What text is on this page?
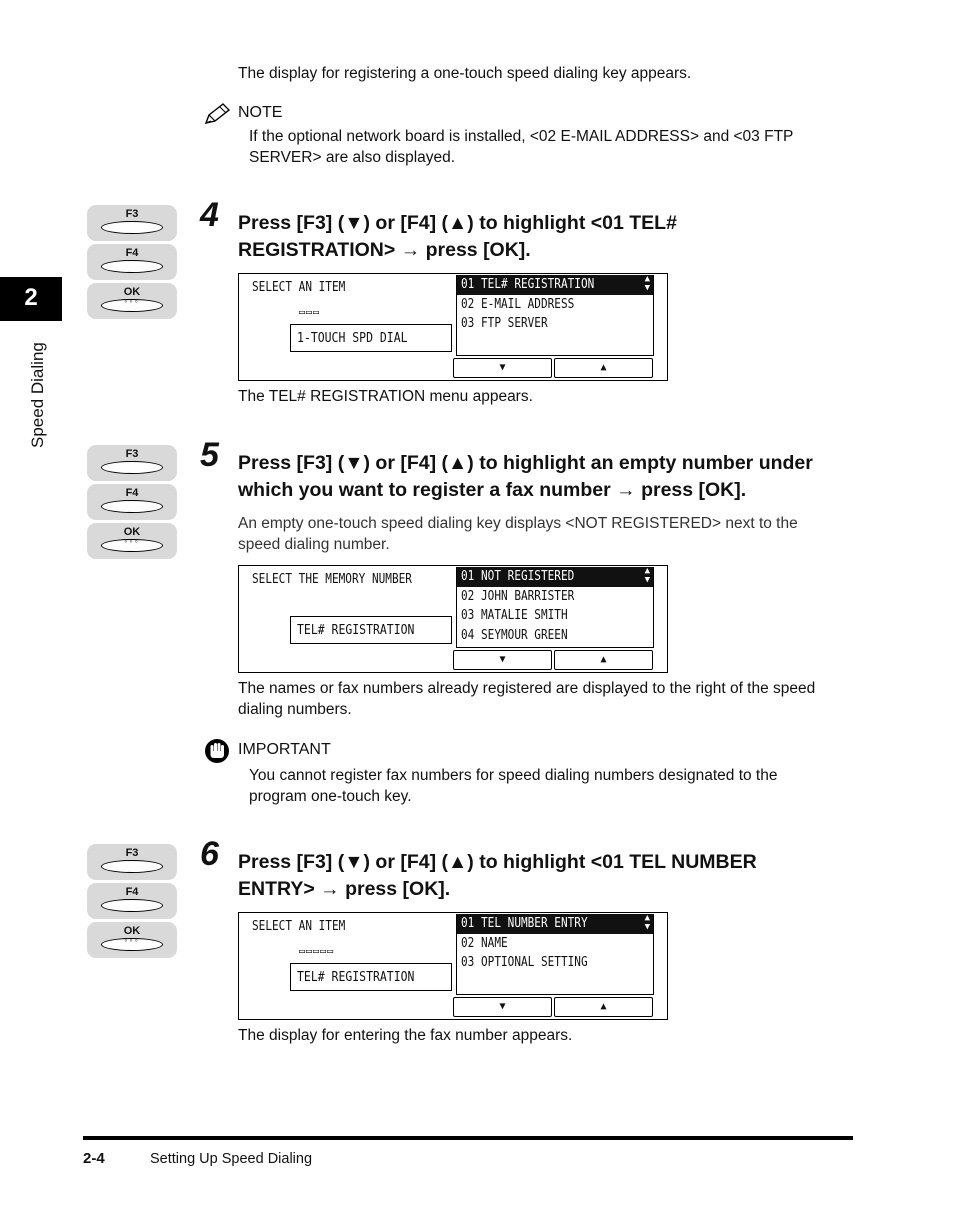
The display for registering a one-touch speed dialing key appears.
NOTE
If the optional network board is installed, <02 E-MAIL ADDRESS> and <03 FTP SERVER> are also displayed.
2
Speed Dialing
F3
F4
OK
◦◦◦
4 Press [F3] (▼) or [F4] (▲) to highlight <01 TEL#
REGISTRATION> → press [OK].
SELECT AN ITEM
▭▭▭
1-TOUCH SPD DIAL
01 TEL# REGISTRATION	▲
▼
02 E-MAIL ADDRESS
03 FTP SERVER
▼	▲
The TEL# REGISTRATION menu appears.
F3
F4
OK
◦◦◦
5 Press [F3] (▼) or [F4] (▲) to highlight an empty number under
which you want to register a fax number → press [OK].
An empty one-touch speed dialing key displays <NOT REGISTERED> next to the speed dialing number.
SELECT THE MEMORY NUMBER
TEL# REGISTRATION
01 NOT REGISTERED	▲
▼
02 JOHN BARRISTER
03 MATALIE SMITH
04 SEYMOUR GREEN
▼	▲
The names or fax numbers already registered are displayed to the right of the speed dialing numbers.
IMPORTANT
You cannot register fax numbers for speed dialing numbers designated to the program one-touch key.
F3
F4
OK
◦◦◦
6 Press [F3] (▼) or [F4] (▲) to highlight <01 TEL NUMBER
ENTRY> → press [OK].
SELECT AN ITEM
▭▭▭▭▭
TEL# REGISTRATION
01 TEL NUMBER ENTRY	▲
▼
02 NAME
03 OPTIONAL SETTING
▼	▲
The display for entering the fax number appears.
2-4	Setting Up Speed Dialing
